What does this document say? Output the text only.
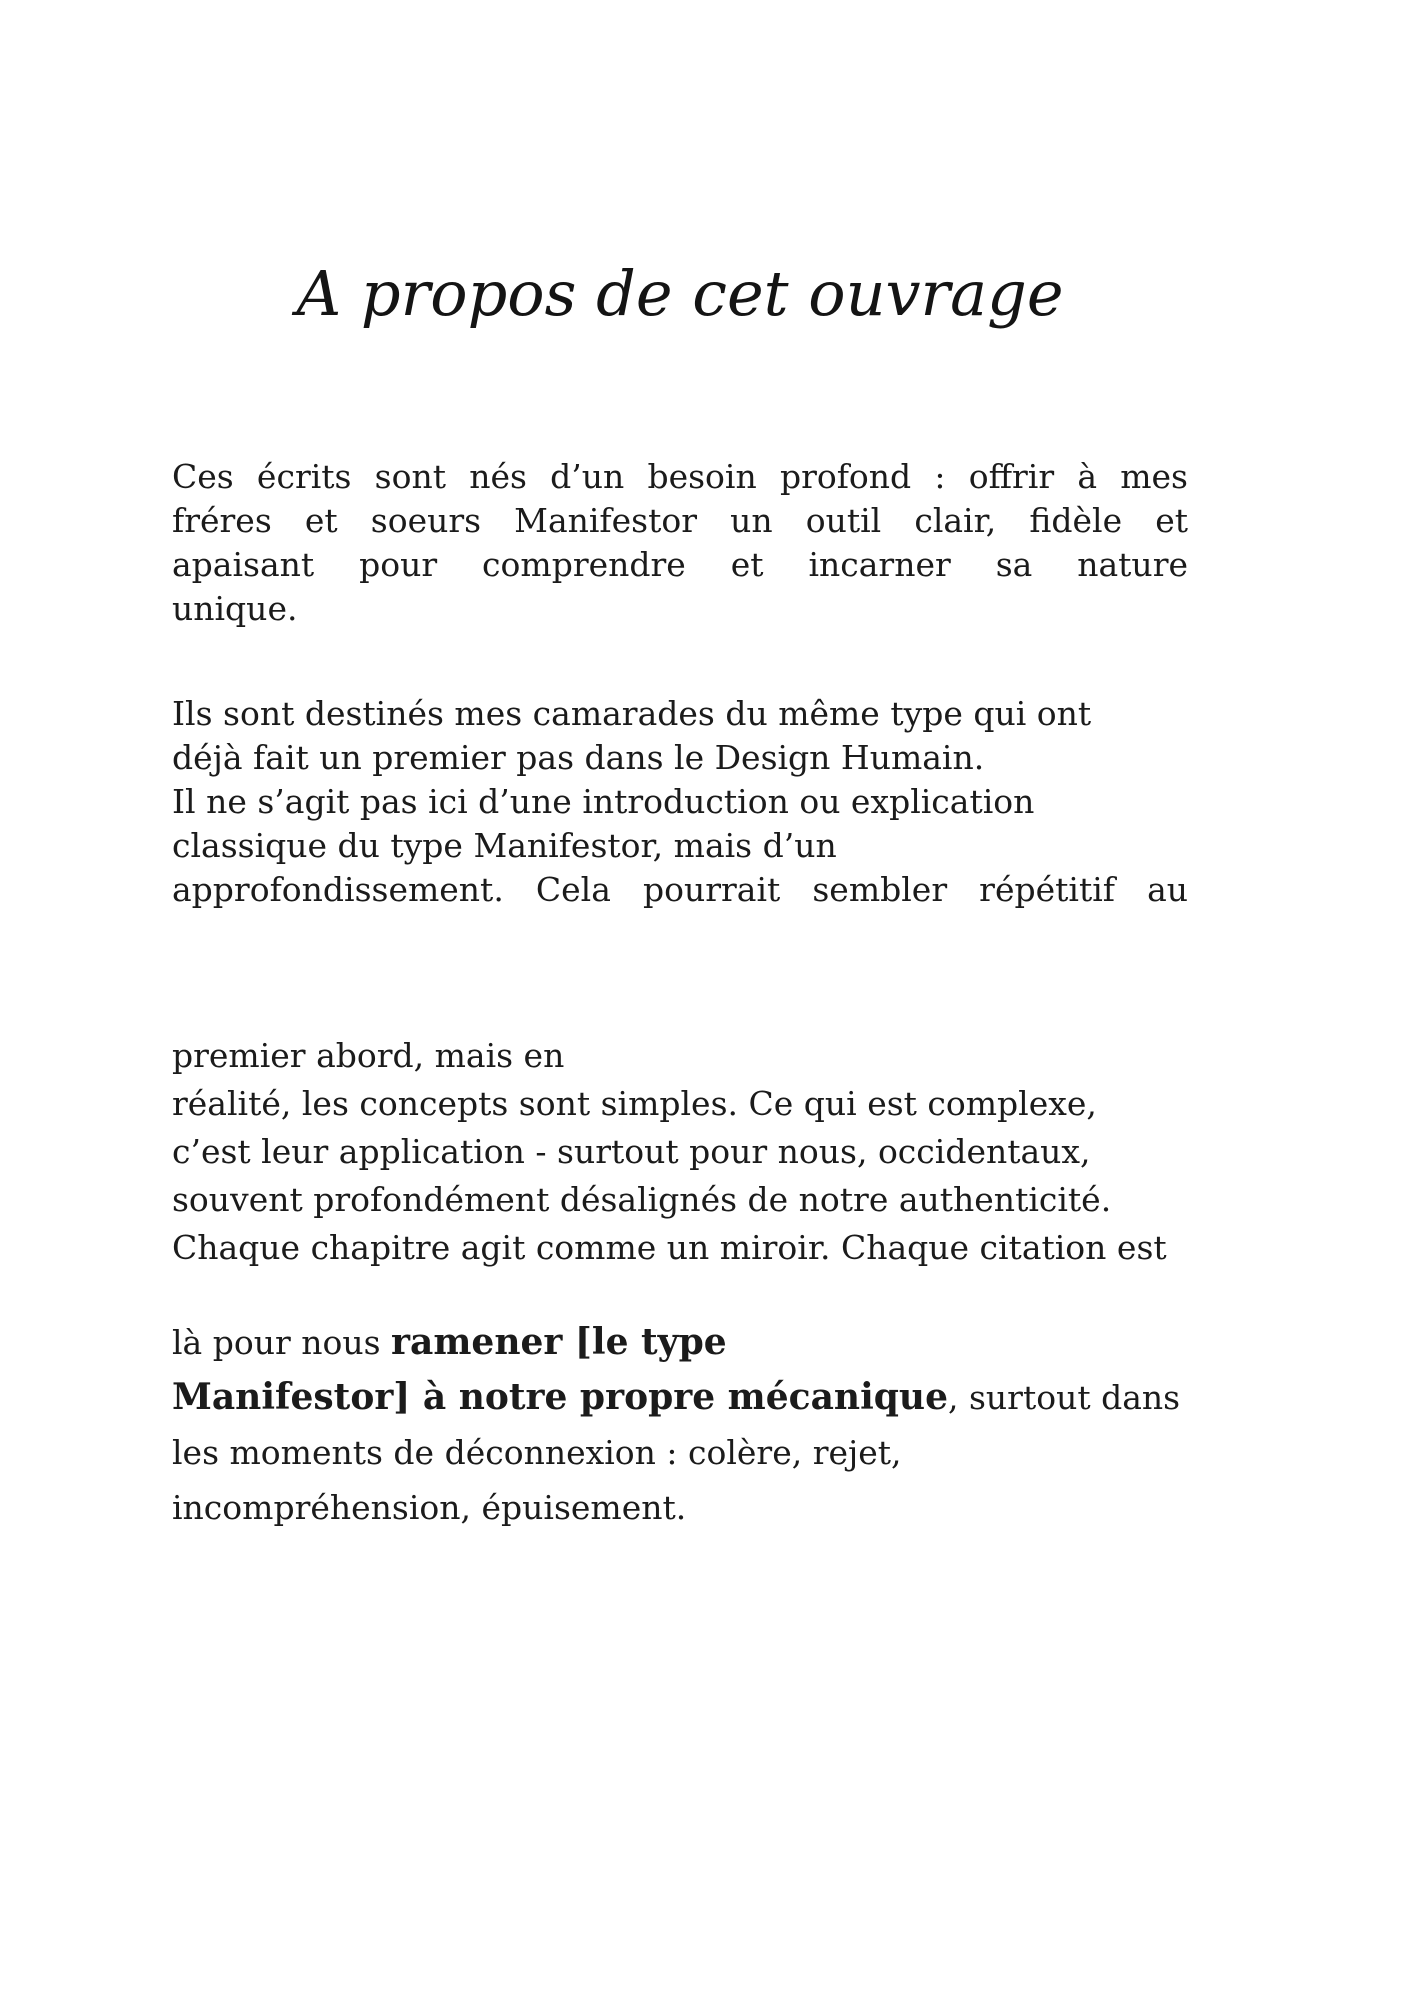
A propos de cet ouvrage
Ces écrits sont nés d’un besoin profond : offrir à mes
fréres et soeurs Manifestor un outil clair, fidèle et
apaisant pour comprendre et incarner sa nature
unique.
Ils sont destinés mes camarades du même type qui ont
déjà fait un premier pas dans le Design Humain.
Il ne s’agit pas ici d’une introduction ou explication
classique du type Manifestor, mais d’un
approfondissement. Cela pourrait sembler répétitif au
premier abord, mais en
réalité, les concepts sont simples. Ce qui est complexe,
c’est leur application - surtout pour nous, occidentaux,
souvent profondément désalignés de notre authenticité.
Chaque chapitre agit comme un miroir. Chaque citation est
là pour nous ramener [le type
Manifestor] à notre propre mécanique, surtout dans
les moments de déconnexion : colère, rejet,
incompréhension, épuisement.
